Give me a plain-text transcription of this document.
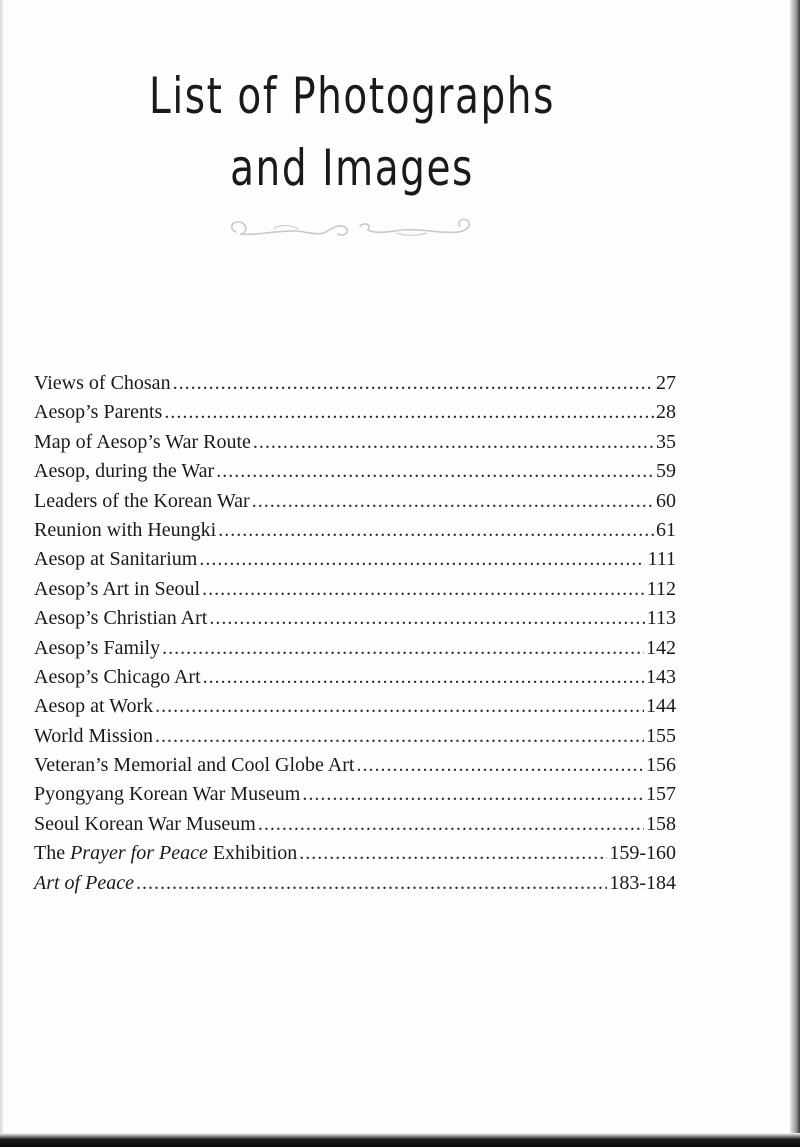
List of Photographs
and Images
Views of Chosan .....	27
Aesop’s Parents .....	28
Map of Aesop’s War Route .....	35
Aesop, during the War .....	59
Leaders of the Korean War .....	60
Reunion with Heungki .....	61
Aesop at Sanitarium .....	111
Aesop’s Art in Seoul .....	112
Aesop’s Christian Art .....	113
Aesop’s Family .....	142
Aesop’s Chicago Art .....	143
Aesop at Work .....	144
World Mission .....	155
Veteran’s Memorial and Cool Globe Art .....	156
Pyongyang Korean War Museum .....	157
Seoul Korean War Museum .....	158
The Prayer for Peace Exhibition .....	159-160
Art of Peace .....	183-184
